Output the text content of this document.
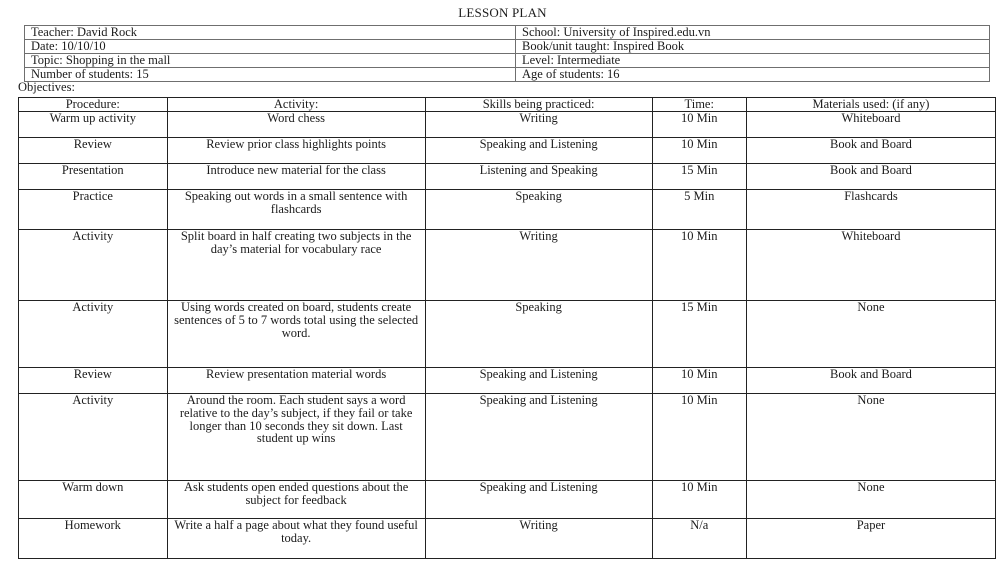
LESSON PLAN
Teacher: David Rock	School: University of Inspired.edu.vn
Date: 10/10/10	Book/unit taught: Inspired Book
Topic: Shopping in the mall	Level: Intermediate
Number of students: 15	Age of students: 16
Objectives:
Procedure:	Activity:	Skills being practiced:	Time:	Materials used: (if any)
Warm up activity	Word chess	Writing	10 Min	Whiteboard
Review	Review prior class highlights points	Speaking and Listening	10 Min	Book and Board
Presentation	Introduce new material for the class	Listening and Speaking	15 Min	Book and Board
Practice	Speaking out words in a small sentence with flashcards	Speaking	5 Min	Flashcards
Activity	Split board in half creating two subjects in the day’s material for vocabulary race	Writing	10 Min	Whiteboard
Activity	Using words created on board, students create sentences of 5 to 7 words total using the selected word.	Speaking	15 Min	None
Review	Review presentation material words	Speaking and Listening	10 Min	Book and Board
Activity	Around the room. Each student says a word relative to the day’s subject, if they fail or take longer than 10 seconds they sit down. Last student up wins	Speaking and Listening	10 Min	None
Warm down	Ask students open ended questions about the subject for feedback	Speaking and Listening	10 Min	None
Homework	Write a half a page about what they found useful today.	Writing	N/a	Paper
